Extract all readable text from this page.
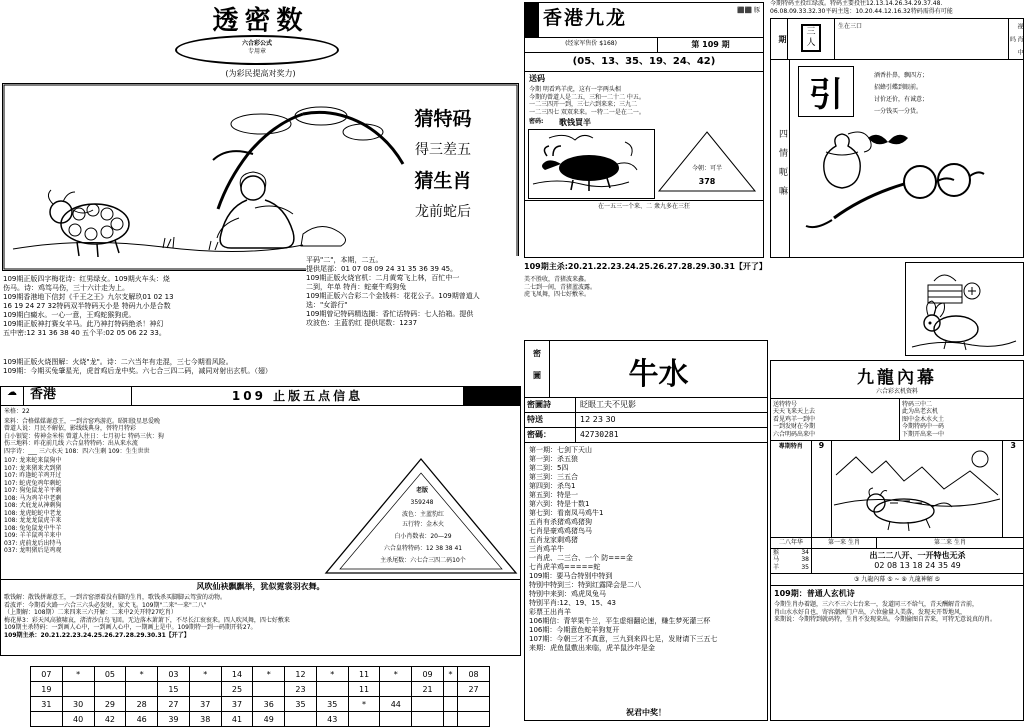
透密数
六合彩公式
专用章
(为彩民提高对奖力)
猜特码
得三差五
猜生肖
龙前蛇后
109期正版四字梅花诗：红男绿女。109期火车头：烧
伤马。诗：鸡笃马伤，三十六计走为上。
109期香港地下信封《千王之王》九尔支解玖01 02 13
16 19 24 27 32特码双半特码天小是 特码九小是合数
109期白癜水。一心一意，王鸡蛇猴狗虎。
109期正版神打赛女羊马。此乃神打特码绝杀！神幻
五中密:12 31 36 38 40 五个平:02 05 06 22 33。
平码"二"，本期，二五。
提供尾部：01 07 08 09 24 31 35 36 39 45。
109期正版火烧官机：二月黄莺飞上林，百忙中一
二到，年单 特肖：蛇豪牛鸡狗兔
109期正版六合彩二个金钱料：花花公子。109期曾道人
选："女游行"
109期曾记特码精选撮：香忙话特码：七人抬箱。提供
攻波色：主蓝豹红 提供尾数：1237
109期正版火烧图解：火烧"龙"。诗：二六当年有走混，三七今期看风险。
109期：今期买兔肇星光，虎首鸡后龙中奖。六七合三四二码，减同对射出玄机。（翅）
☁	香港	109 止版五点信息
米格：22
来料：合格媒媒谢意王，一到音窑鸡游范。昭阳股星思爱晚
曾道人说：月民不解依，影线线典身，替特月特彩
白小银锭：传神金米桂 曾道人往日：七月初七 特码三伙：狗
伤三地料：昨花前几线 六合皇特特码：出从来水流
四字诗：___ 三六水天 108：四六生剩 109：生生世世
107: 龙来蛇来鼠狗中
107: 龙来猪来犬到猪
107: 昨逢蛇羊鸡开过
107: 蛇虎兔鸡年剩蛇
107: 狗兔鼠龙羊平剩
108: 马为鸡羊中老剩
108: 犬庇龙从神剩狗
108: 龙虎蛇蛇中老龙
108: 龙龙龙鼠虎羊来
108: 兔兔鼠龙中牛羊
109: 羊羊鼠鸡羊来中
037: 虎前龙后出特马
037: 龙明猪后是鸡观
老版
359248
波色：主蓝豹红
五行特：金木火
白小肖数表：20—29
六合皇特特码：12 38 38 41
主杀尾数：六七合三四二码10个
风吹仙袂飘飘举，犹似霓裳羽衣舞。
歌钱解：散钱拼谢意王，一到音窑漂着没有脚的生肖，歌钱杀买脚脚云驾萤的动物。
看波评：今期看火路一六合三六头必发财，家犬飞。109期"二来"一来"二八"
（上期解：108期）二来四来三六开解：二来中2关开特27吃肖）
梅花界3：彩天风高猿啸哀，渚清沙白鸟飞回。无边落木萧萧下，不尽长江衮衮来。四人吹风舞，四七好敷来
109期主杀特码：一到画人心中，一到画人心中，一期画上是中。109期特一到一码期开转27。
109期主杀：20.21.22.23.24.25.26.27.28.29.30.31【开了】
07	*	05	*	03	*	14	*	12	*	11	*	09	*	08
19				15		25		23		11		21		27
31	30	29	28	27	37	37	36	35	35	*	44			
	40	42	46	39	38	41	49		43					
香港九龙	⬛⬛ 豚
(经家军售价 $168)	第 109 期
(05、13、35、19、24、42)
送码
今期 明看鸡羊虎，这有一字两头相
今期的曾道人是二五，三和一二十二 中五。
一二三四开一到，三七六到来来；三九二
一二三四七 双双来来。一特二一是在二一。
密码:	歌钱買半
今朝：可半
378
在一五三一个来、二 衆九多在三狂
109期主杀:20.21.22.23.24.25.26.27.28.29.30.31【开了】
美不胜收，青猪波来鑫。
二七到一间，青猪蓝波露。
虎飞凤舞，四七好敷米。
密
圖	牛水
密圖詩	眨眼工夫不见影
特送	12 23 30
密碼：	42730281
第一期：七剑下天山
第一到：杀五狼
第二到：5四
第三到：三五合
第四到：杀鸟1
第五到：特是一
第六到：特是十数1
第七到：看南凤马鸡牛1
五肖有杀猪鸡鸡猪狗
七肖是豪鸡鸡猪鸟马
五肖龙家剩鸡猪
三肖鸡羊牛
一肖虎、二三合、一个 防===金
七肖虎羊鸡=====蛇
109期：要马合特别中特到
特别中特到三：特到红露降会是二八
特别中来到：鸡虎凤兔马
特别平肖:12、19、15、43
彩票王出肖羊
106期信：青苹果牛兰，平生虚细翻论速，赚生梦死灌三杯
106期：今期意色蛇羊狗复开
107期：今朝三才不真意，三九到来四七足，发财请下三五七
来期：虎鱼鼠敷出来临，虎羊鼠沙年是金
祝君中奖！
今期特码主投红绿波。特码主要投往12.13.14.26.34.29.37.48.
06.08.09.33.32.30平码主选：10.20.44.12.16.32特码需得有可能
期
三
人
生在三口	视 肖 中 吗
四 情 呃 嘛
引	酒香扑鼻，飘四方；
招蜂引蝶到眼前。
讨价还价，有诚意；
一分钱买一分货。
九龍內幕
六合彩玄机资料
送特特号
天天飞来天上去
看见鸡羊一到中
一到发财在今期
六合明码出来中
特码三中二
此为出老玄机
图中金木水火土
今期特码中一码
下期开出来一中
專期特肖	9	3
二八年华	第一来 生肖	第二来 生肖
猴	34
马	38
羊	35
出二二八开、一开特也无杀
02 08 13 18 24 35 49
③ 九龍內幕 ⑤ ~ ⑨ 九龍神解 ⑤
109期：普通人玄机诗
今期生肖办着题，三六不三六七台来一，发道同三不给气，青天酬解青音前，
肖山水水好自也，寄容潮洲门户出，六位偷量人美落，发现天开帮地风，
来期说：今期特到就码特，生肖不发现来出。今期偷图自苦来，可特无意说真的肖。
